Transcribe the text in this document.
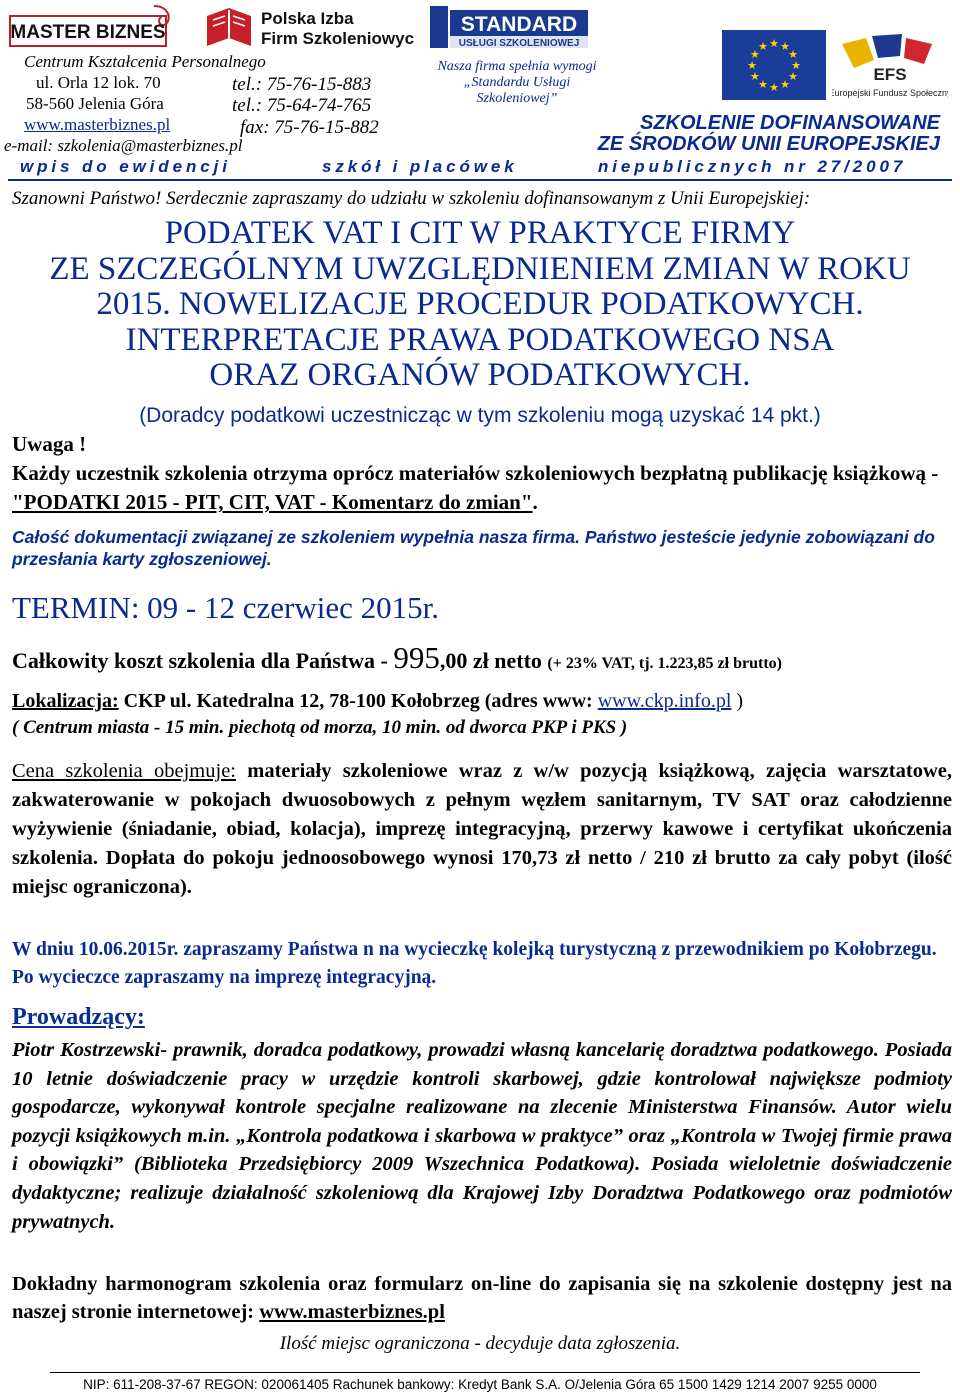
MASTER BIZNES
Polska Izba
Firm Szkoleniowych
STANDARD
USŁUGI SZKOLENIOWEJ	★ ★
★
★
★
★
★
★
★
★
★
★
EFS
Europejski Fundusz Społeczny
Centrum Kształcenia Personalnego
ul. Orla 12 lok. 70
58-560 Jelenia Góra
www.masterbiznes.pl
e-mail: szkolenia@masterbiznes.pl
tel.: 75-76-15-883
tel.: 75-64-74-765
fax: 75-76-15-882
Nasza firma spełnia wymogi
„Standardu Usługi Szkoleniowej”
SZKOLENIE DOFINANSOWANE
ZE ŚRODKÓW UNII EUROPEJSKIEJ
wpis do ewidencji	szkół i placówek	niepublicznych nr 27/2007
Szanowni Państwo! Serdecznie zapraszamy do udziału w szkoleniu dofinansowanym z Unii Europejskiej:
PODATEK VAT I CIT W PRAKTYCE FIRMY
ZE SZCZEGÓLNYM UWZGLĘDNIENIEM ZMIAN W ROKU
2015. NOWELIZACJE PROCEDUR PODATKOWYCH.
INTERPRETACJE PRAWA PODATKOWEGO NSA
ORAZ ORGANÓW PODATKOWYCH.
(Doradcy podatkowi uczestnicząc w tym szkoleniu mogą uzyskać 14 pkt.)
Uwaga !
Każdy uczestnik szkolenia otrzyma oprócz materiałów szkoleniowych bezpłatną publikację książkową - "PODATKI 2015 - PIT, CIT, VAT - Komentarz do zmian".
Całość dokumentacji związanej ze szkoleniem wypełnia nasza firma. Państwo jesteście jedynie zobowiązani do przesłania karty zgłoszeniowej.
TERMIN: 09 - 12 czerwiec 2015r.
Całkowity koszt szkolenia dla Państwa - 995,00 zł netto (+ 23% VAT, tj. 1.223,85 zł brutto)
Lokalizacja: CKP ul. Katedralna 12, 78-100 Kołobrzeg (adres www: www.ckp.info.pl )
( Centrum miasta - 15 min. piechotą od morza, 10 min. od dworca PKP i PKS )
Cena szkolenia obejmuje: materiały szkoleniowe wraz z w/w pozycją książkową, zajęcia warsztatowe, zakwaterowanie w pokojach dwuosobowych z pełnym węzłem sanitarnym, TV SAT oraz całodzienne wyżywienie (śniadanie, obiad, kolacja), imprezę integracyjną, przerwy kawowe i certyfikat ukończenia szkolenia. Dopłata do pokoju jednoosobowego wynosi 170,73 zł netto / 210 zł brutto za cały pobyt (ilość miejsc ograniczona).
W dniu 10.06.2015r. zapraszamy Państwa n na wycieczkę kolejką turystyczną z przewodnikiem po Kołobrzegu. Po wycieczce zapraszamy na imprezę integracyjną.
Prowadzący:
Piotr Kostrzewski- prawnik, doradca podatkowy, prowadzi własną kancelarię doradztwa podatkowego. Posiada 10 letnie doświadczenie pracy w urzędzie kontroli skarbowej, gdzie kontrolował największe podmioty gospodarcze, wykonywał kontrole specjalne realizowane na zlecenie Ministerstwa Finansów. Autor wielu pozycji książkowych m.in. „Kontrola podatkowa i skarbowa w praktyce” oraz „Kontrola w Twojej firmie prawa i obowiązki” (Biblioteka Przedsiębiorcy 2009 Wszechnica Podatkowa). Posiada wieloletnie doświadczenie dydaktyczne; realizuje działalność szkoleniową dla Krajowej Izby Doradztwa Podatkowego oraz podmiotów prywatnych.
Dokładny harmonogram szkolenia oraz formularz on-line do zapisania się na szkolenie dostępny jest na naszej stronie internetowej: www.masterbiznes.pl
Ilość miejsc ograniczona - decyduje data zgłoszenia.
NIP: 611-208-37-67 REGON: 020061405 Rachunek bankowy: Kredyt Bank S.A. O/Jelenia Góra 65 1500 1429 1214 2007 9255 0000
